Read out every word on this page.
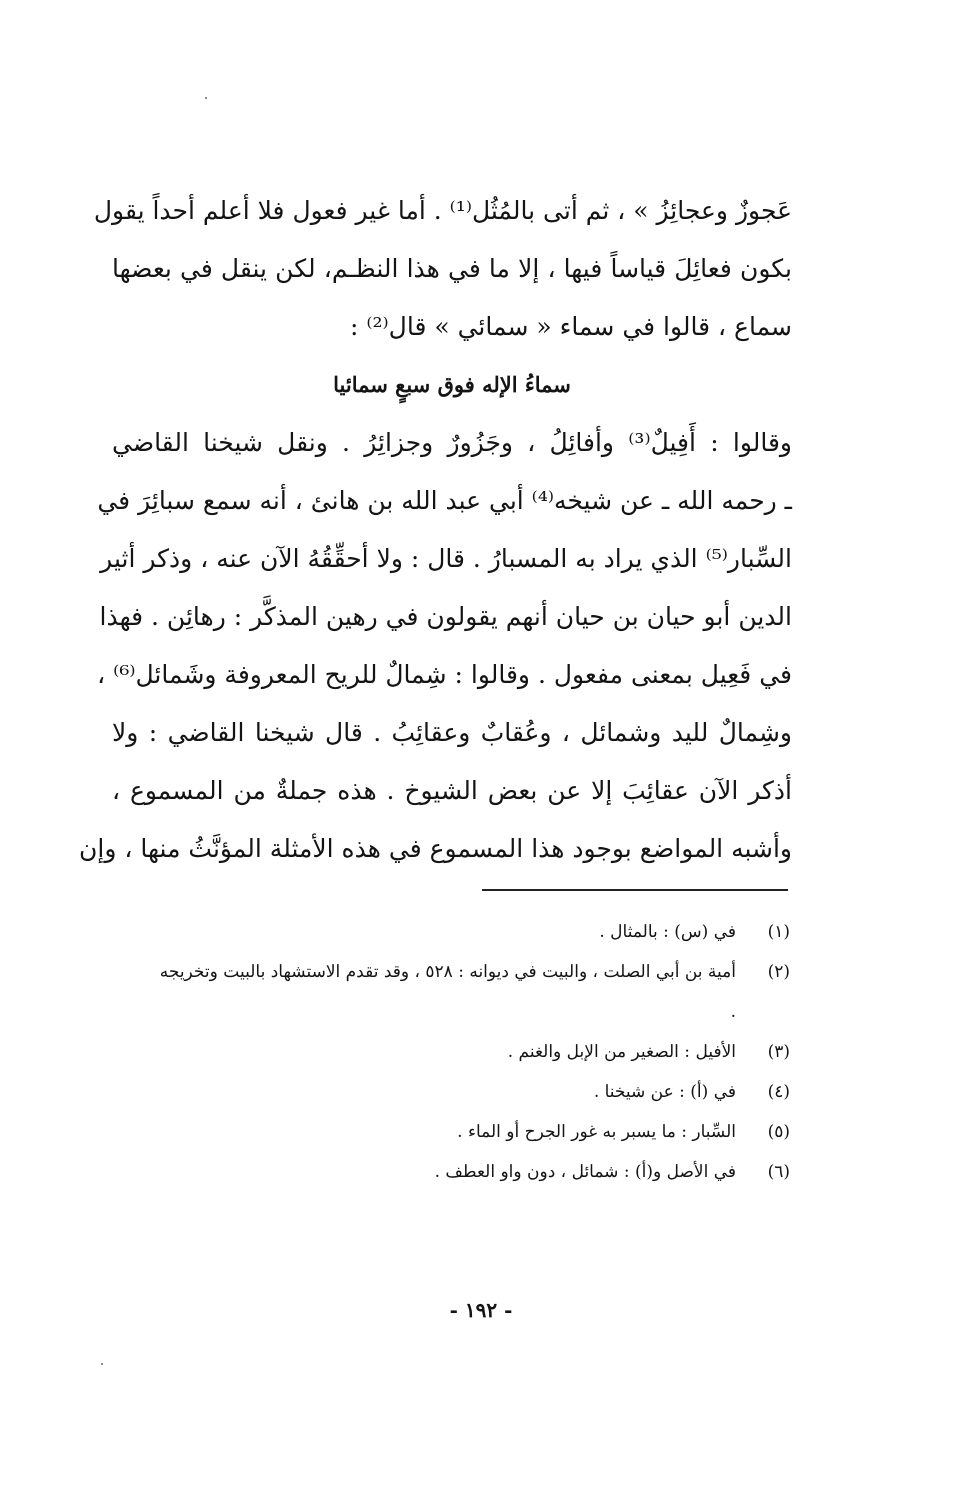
عَجوزٌ وعجائِزُ » ، ثم أتى بالمُثُل⁽¹⁾ . أما غير فعول فلا أعلم أحداً يقول
بكون فعائِلَ قياساً فيها ، إلا ما في هذا النظـم، لكن ينقل في بعضها
سماع ، قالوا في سماء « سمائي » قال⁽²⁾ :
سماءُ الإله فوق سبعٍ سمائيا
وقالوا : أَفِيلٌ⁽³⁾ وأفائِلُ ، وجَزُورٌ وجزائِرُ . ونقل شيخنا القاضي
ـ رحمه الله ـ عن شيخه⁽⁴⁾ أبي عبد الله بن هانئ ، أنه سمع سبائِرَ في
السِّبار⁽⁵⁾ الذي يراد به المسبارُ . قال : ولا أحقِّقُهُ الآن عنه ، وذكر أثير
الدين أبو حيان بن حيان أنهم يقولون في رهين المذكَّر : رهائِن . فهذا
في فَعِيل بمعنى مفعول . وقالوا : شِمالٌ للريح المعروفة وشَمائل⁽⁶⁾ ،
وشِمالٌ لليد وشمائل ، وعُقابٌ وعقائِبُ . قال شيخنا القاضي : ولا
أذكر الآن عقائِبَ إلا عن بعض الشيوخ . هذه جملةٌ من المسموع ،
وأشبه المواضع بوجود هذا المسموع في هذه الأمثلة المؤنَّثُ منها ، وإن
(١)
في (س) : بالمثال .
(٢)
أمية بن أبي الصلت ، والبيت في ديوانه : ٥٢٨ ، وقد تقدم الاستشهاد بالبيت وتخريجه .
(٣)
الأفيل : الصغير من الإبل والغنم .
(٤)
في (أ) : عن شيخنا .
(٥)
السِّبار : ما يسبر به غور الجرح أو الماء .
(٦)
في الأصل و(أ) : شمائل ، دون واو العطف .
- ١٩٢ -
